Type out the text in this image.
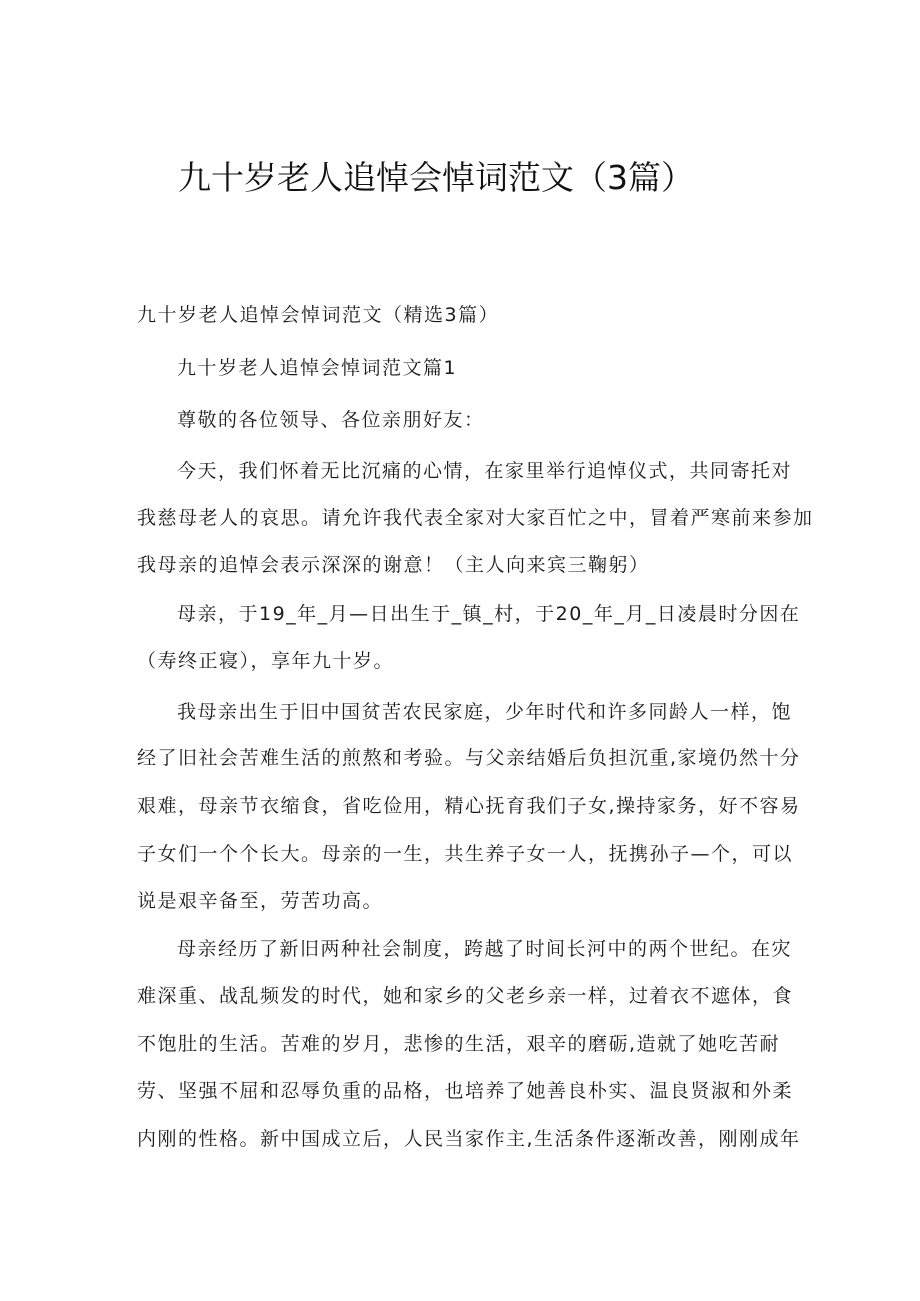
九十岁老人追悼会悼词范文（3篇）

九十岁老人追悼会悼词范文（精选3篇）

九十岁老人追悼会悼词范文篇1

尊敬的各位领导、各位亲朋好友：

今天，我们怀着无比沉痛的心情，在家里举行追悼仪式，共同寄托对

我慈母老人的哀思。请允许我代表全家对大家百忙之中，冒着严寒前来参加

我母亲的追悼会表示深深的谢意！（主人向来宾三鞠躬）

母亲，于19_年_月—日出生于_镇_村，于20_年_月_日凌晨时分因在

（寿终正寝），享年九十岁。

我母亲出生于旧中国贫苦农民家庭，少年时代和许多同龄人一样，饱

经了旧社会苦难生活的煎熬和考验。与父亲结婚后负担沉重,家境仍然十分

艰难，母亲节衣缩食，省吃俭用，精心抚育我们子女,操持家务，好不容易

子女们一个个长大。母亲的一生，共生养子女一人，抚携孙子—个，可以

说是艰辛备至，劳苦功高。

母亲经历了新旧两种社会制度，跨越了时间长河中的两个世纪。在灾

难深重、战乱频发的时代，她和家乡的父老乡亲一样，过着衣不遮体，食

不饱肚的生活。苦难的岁月，悲惨的生活，艰辛的磨砺,造就了她吃苦耐

劳、坚强不屈和忍辱负重的品格，也培养了她善良朴实、温良贤淑和外柔

内刚的性格。新中国成立后，人民当家作主,生活条件逐渐改善，刚刚成年
